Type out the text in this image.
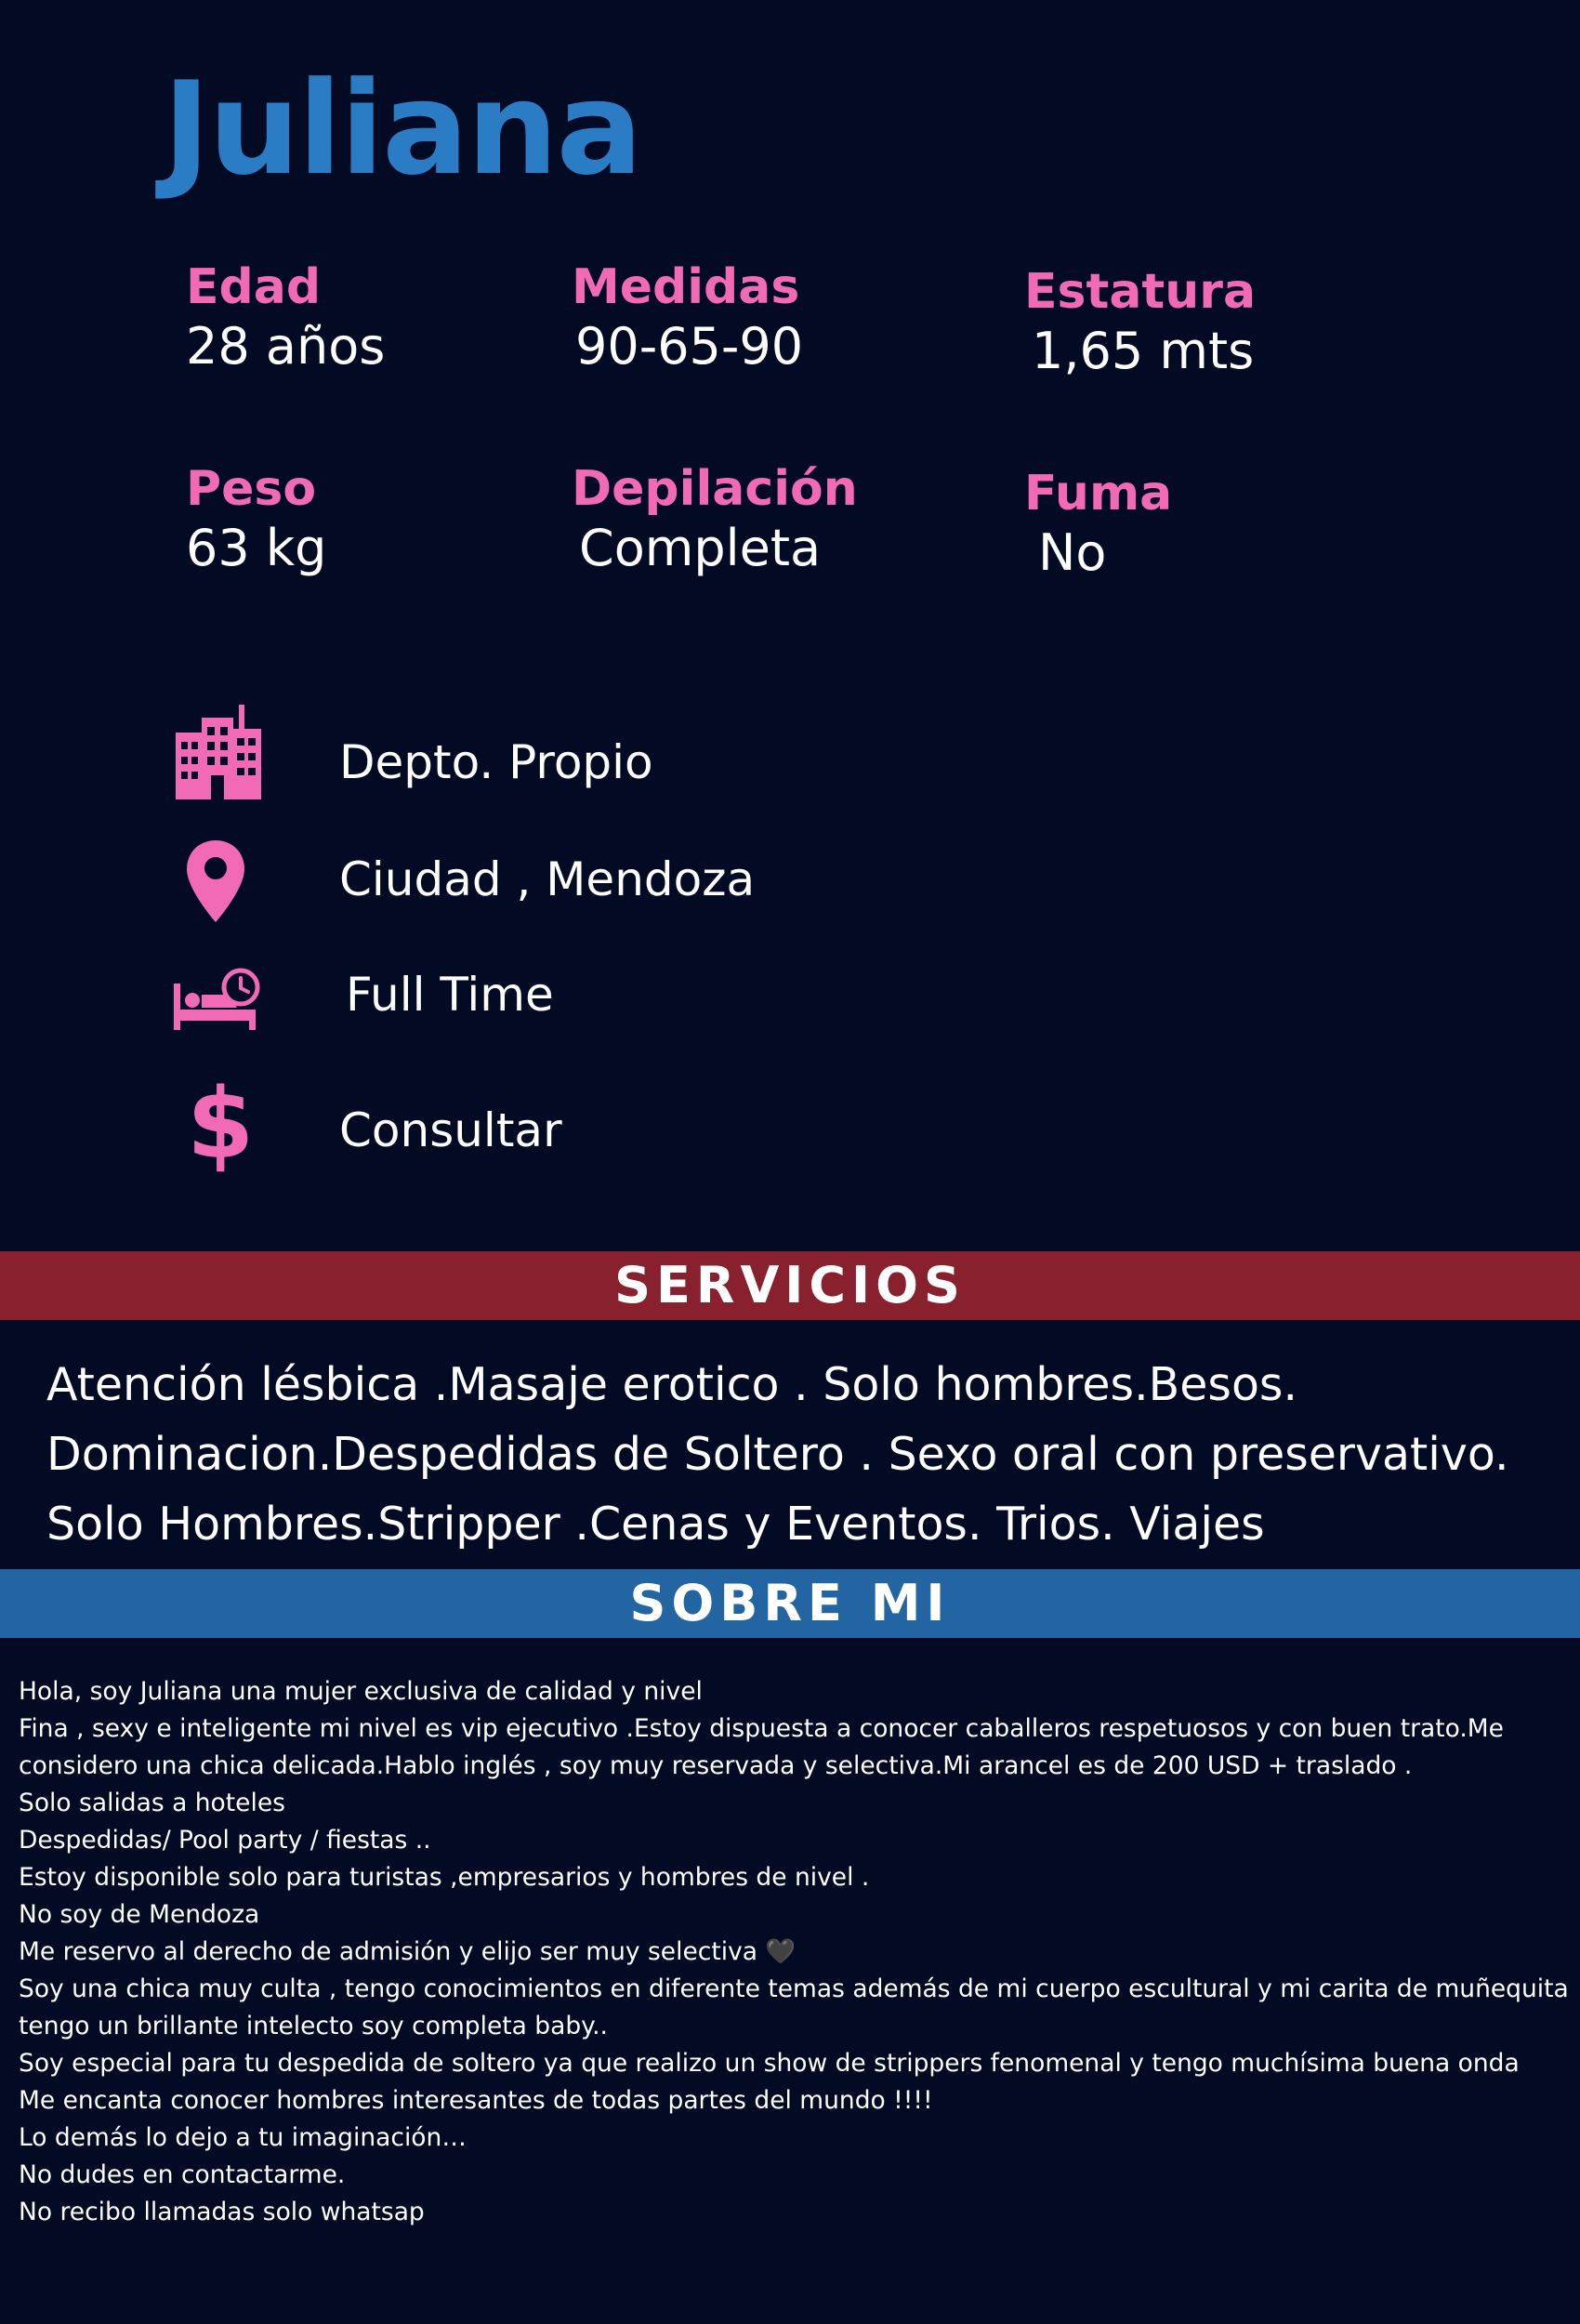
Juliana
Edad
28 años
Medidas
90-65-90
Estatura
1,65 mts
Peso
63 kg
Depilación
Completa
Fuma
No
Depto. Propio
Ciudad , Mendoza
Full Time
$ Consultar
SERVICIOS
Atención lésbica .Masaje erotico . Solo hombres.Besos.
Dominacion.Despedidas de Soltero . Sexo oral con preservativo.
Solo Hombres.Stripper .Cenas y Eventos. Trios. Viajes
SOBRE MI

Hola, soy Juliana una mujer exclusiva de calidad y nivel

Fina , sexy e inteligente mi nivel es vip ejecutivo .Estoy dispuesta a conocer caballeros respetuosos y con buen trato.Me considero una chica delicada.Hablo inglés , soy muy reservada y selectiva.Mi arancel es de 200 USD + traslado .

Solo salidas a hoteles

Despedidas/ Pool party / fiestas ..

Estoy disponible solo para turistas ,empresarios y hombres de nivel .

No soy de Mendoza

Me reservo al derecho de admisión y elijo ser muy selectiva 🖤

Soy una chica muy culta , tengo conocimientos en diferente temas además de mi cuerpo escultural y mi carita de muñequita tengo un brillante intelecto soy completa baby..

Soy especial para tu despedida de soltero ya que realizo un show de strippers fenomenal y tengo muchísima buena onda

Me encanta conocer hombres interesantes de todas partes del mundo !!!!

Lo demás lo dejo a tu imaginación…

No dudes en contactarme.

No recibo llamadas solo whatsap
